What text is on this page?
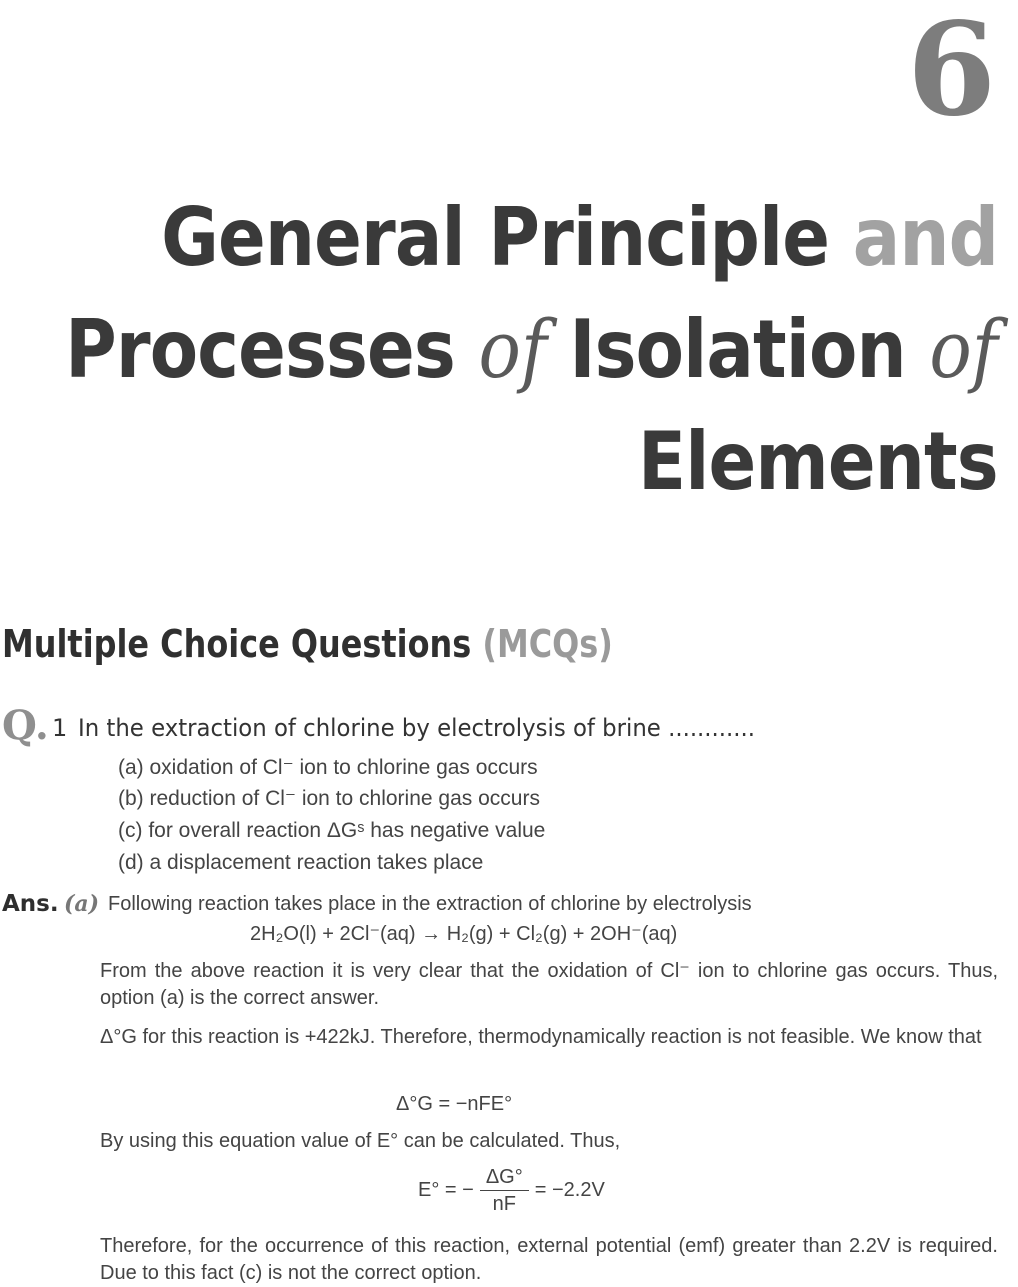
6
General Principle and
Processes of Isolation of
Elements
Multiple Choice Questions (MCQs)
Q. 1 In the extraction of chlorine by electrolysis of brine ............
(a) oxidation of Cl⁻ ion to chlorine gas occurs
(b) reduction of Cl⁻ ion to chlorine gas occurs
(c) for overall reaction ΔGˢ has negative value
(d) a displacement reaction takes place
Ans. (a) Following reaction takes place in the extraction of chlorine by electrolysis
2H₂O(l) + 2Cl⁻(aq) → H₂(g) + Cl₂(g) + 2OH⁻(aq)
From the above reaction it is very clear that the oxidation of Cl⁻ ion to chlorine gas occurs. Thus, option (a) is the correct answer.
Δ°G for this reaction is +422kJ. Therefore, thermodynamically reaction is not feasible. We know that
Δ°G = −nFE°
By using this equation value of E° can be calculated. Thus,
E° = − $\frac{\Delta G^\circ}{nF} = -2.2V$
Therefore, for the occurrence of this reaction, external potential (emf) greater than 2.2V is required. Due to this fact (c) is not the correct option.
